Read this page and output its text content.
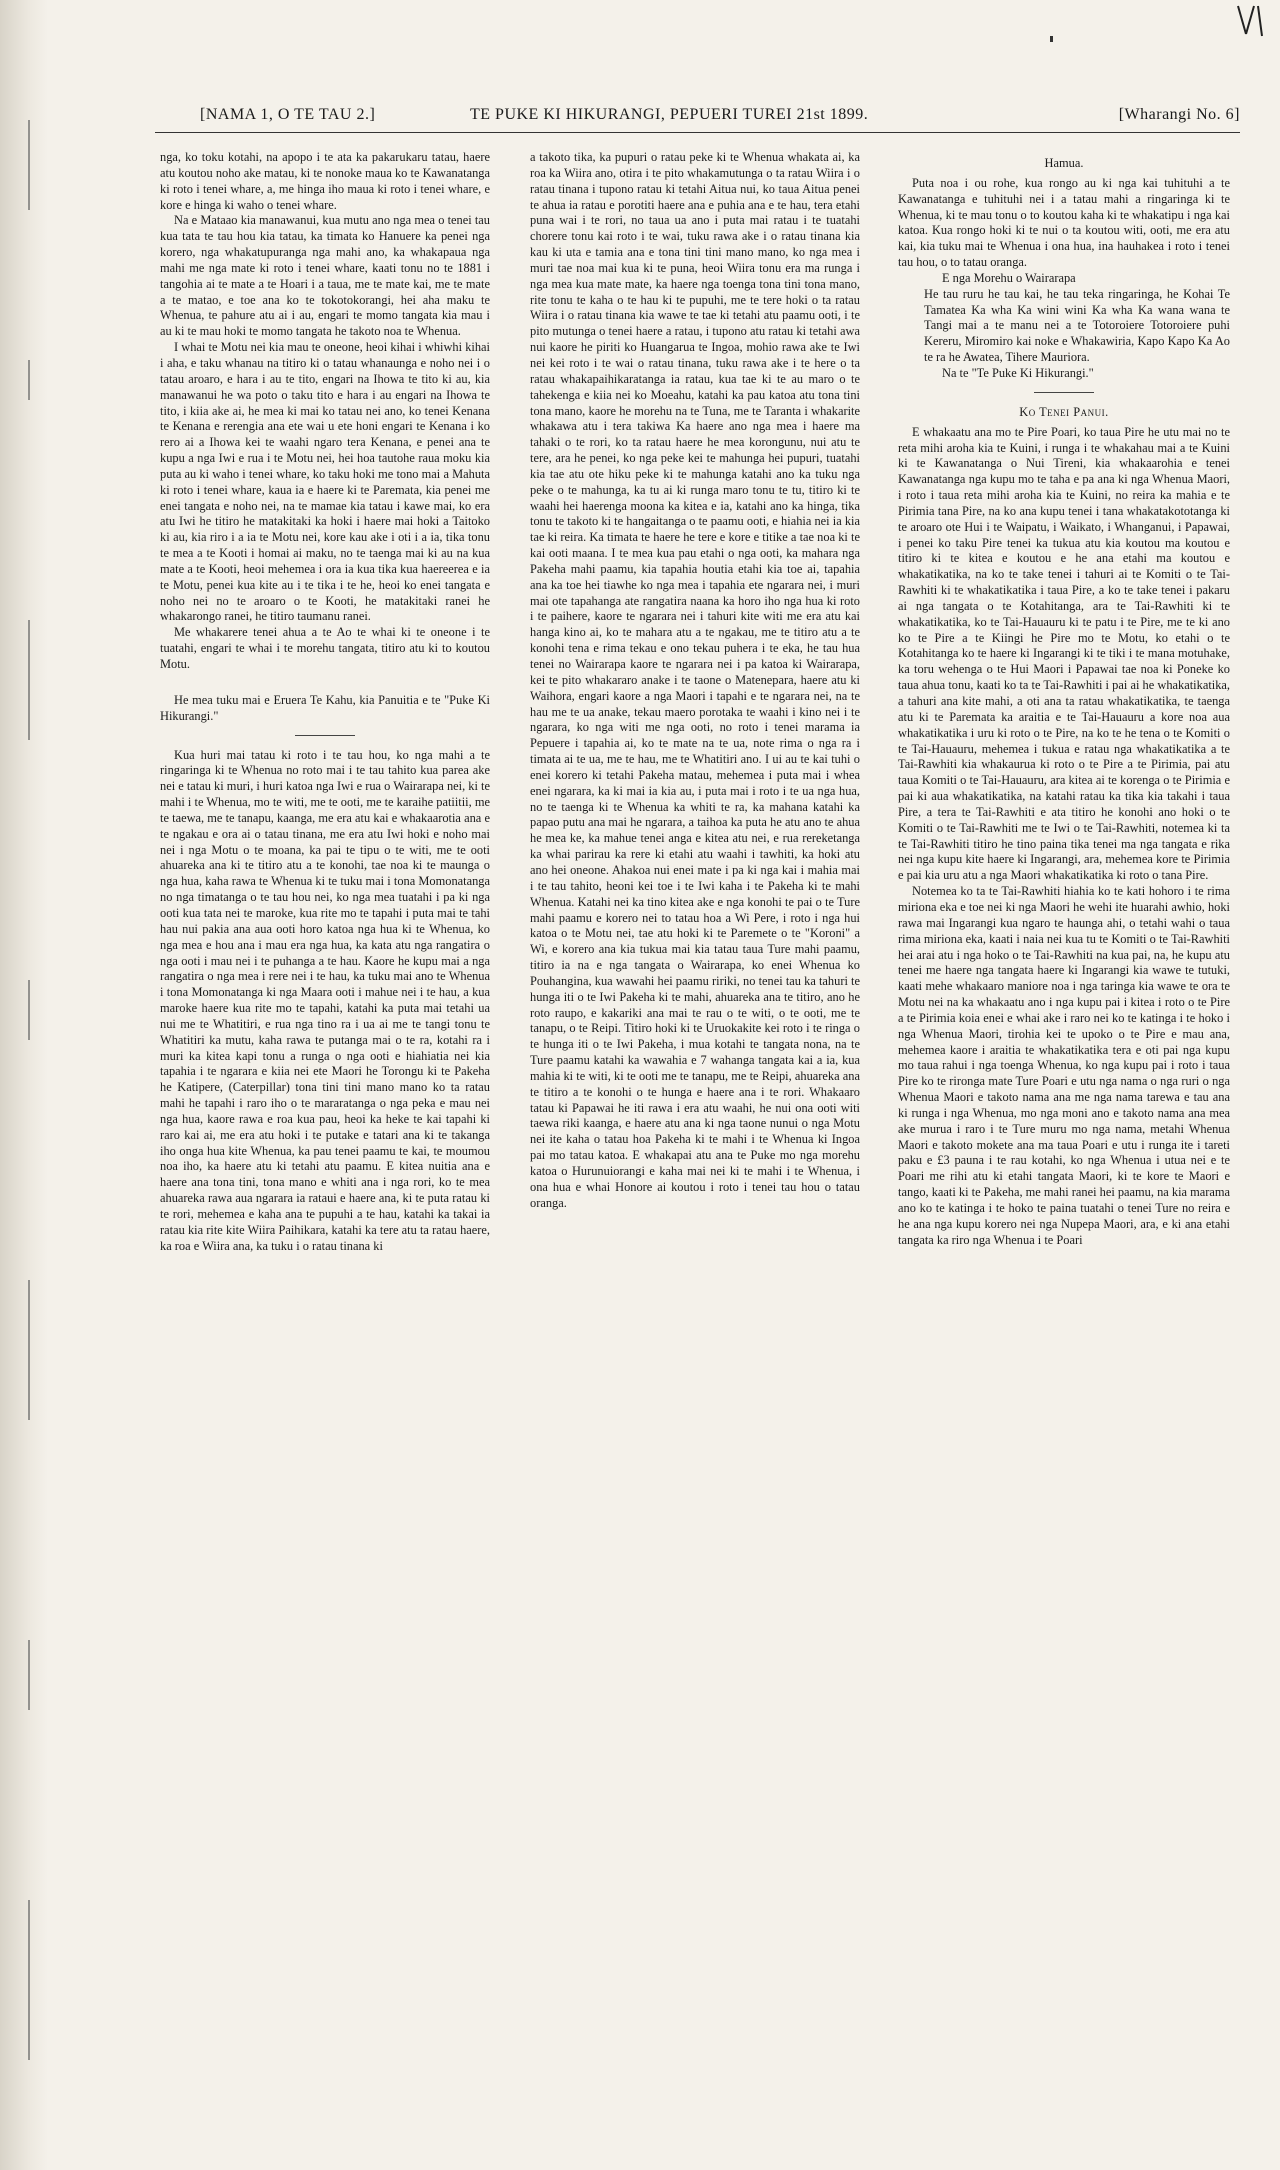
[NAMA 1, O TE TAU 2.]	TE PUKE KI HIKURANGI, PEPUERI TUREI 21st 1899.	[Wharangi No. 6]

nga, ko toku kotahi, na apopo i te ata ka pakarukaru tatau, haere atu koutou noho ake matau, ki te nonoke maua ko te Kawanatanga ki roto i tenei whare, a, me hinga iho maua ki roto i tenei whare, e kore e hinga ki waho o tenei whare.

Na e Mataao kia manawanui, kua mutu ano nga mea o tenei tau kua tata te tau hou kia tatau, ka timata ko Hanuere ka penei nga korero, nga whakatupuranga nga mahi ano, ka whakapaua nga mahi me nga mate ki roto i tenei whare, kaati tonu no te 1881 i tangohia ai te mate a te Hoari i a taua, me te mate kai, me te mate a te matao, e toe ana ko te tokotokorangi, hei aha maku te Whenua, te pahure atu ai i au, engari te momo tangata kia mau i au ki te mau hoki te momo tangata he takoto noa te Whenua.

I whai te Motu nei kia mau te oneone, heoi kihai i whiwhi kihai i aha, e taku whanau na titiro ki o tatau whanaunga e noho nei i o tatau aroaro, e hara i au te tito, engari na Ihowa te tito ki au, kia manawanui he wa poto o taku tito e hara i au engari na Ihowa te tito, i kiia ake ai, he mea ki mai ko tatau nei ano, ko tenei Kenana te Kenana e rerengia ana ete wai u ete honi engari te Kenana i ko rero ai a Ihowa kei te waahi ngaro tera Kenana, e penei ana te kupu a nga Iwi e rua i te Motu nei, hei hoa tautohe raua moku kia puta au ki waho i tenei whare, ko taku hoki me tono mai a Mahuta ki roto i tenei whare, kaua ia e haere ki te Paremata, kia penei me enei tangata e noho nei, na te mamae kia tatau i kawe mai, ko era atu Iwi he titiro he matakitaki ka hoki i haere mai hoki a Taitoko ki au, kia riro i a ia te Motu nei, kore kau ake i oti i a ia, tika tonu te mea a te Kooti i homai ai maku, no te taenga mai ki au na kua mate a te Kooti, heoi mehemea i ora ia kua tika kua haereerea e ia te Motu, penei kua kite au i te tika i te he, heoi ko enei tangata e noho nei no te aroaro o te Kooti, he matakitaki ranei he whakarongo ranei, he titiro taumanu ranei.

Me whakarere tenei ahua a te Ao te whai ki te oneone i te tuatahi, engari te whai i te morehu tangata, titiro atu ki to koutou Motu.

He mea tuku mai e Eruera Te Kahu, kia Panuitia e te "Puke Ki Hikurangi."

Kua huri mai tatau ki roto i te tau hou, ko nga mahi a te ringaringa ki te Whenua no roto mai i te tau tahito kua parea ake nei e tatau ki muri, i huri katoa nga Iwi e rua o Wairarapa nei, ki te mahi i te Whenua, mo te witi, me te ooti, me te karaihe patiitii, me te taewa, me te tanapu, kaanga, me era atu kai e whakaarotia ana e te ngakau e ora ai o tatau tinana, me era atu Iwi hoki e noho mai nei i nga Motu o te moana, ka pai te tipu o te witi, me te ooti ahuareka ana ki te titiro atu a te konohi, tae noa ki te maunga o nga hua, kaha rawa te Whenua ki te tuku mai i tona Momonatanga no nga timatanga o te tau hou nei, ko nga mea tuatahi i pa ki nga ooti kua tata nei te maroke, kua rite mo te tapahi i puta mai te tahi hau nui pakia ana aua ooti horo katoa nga hua ki te Whenua, ko nga mea e hou ana i mau era nga hua, ka kata atu nga rangatira o nga ooti i mau nei i te puhanga a te hau. Kaore he kupu mai a nga rangatira o nga mea i rere nei i te hau, ka tuku mai ano te Whenua i tona Momonatanga ki nga Maara ooti i mahue nei i te hau, a kua maroke haere kua rite mo te tapahi, katahi ka puta mai tetahi ua nui me te Whatitiri, e rua nga tino ra i ua ai me te tangi tonu te Whatitiri ka mutu, kaha rawa te putanga mai o te ra, kotahi ra i muri ka kitea kapi tonu a runga o nga ooti e hiahiatia nei kia tapahia i te ngarara e kiia nei ete Maori he Torongu ki te Pakeha he Katipere, (Caterpillar) tona tini tini mano mano ko ta ratau mahi he tapahi i raro iho o te mararatanga o nga peka e mau nei nga hua, kaore rawa e roa kua pau, heoi ka heke te kai tapahi ki raro kai ai, me era atu hoki i te putake e tatari ana ki te takanga iho onga hua kite Whenua, ka pau tenei paamu te kai, te moumou noa iho, ka haere atu ki tetahi atu paamu. E kitea nuitia ana e haere ana tona tini, tona mano e whiti ana i nga rori, ko te mea ahuareka rawa aua ngarara ia rataui e haere ana, ki te puta ratau ki te rori, mehemea e kaha ana te pupuhi a te hau, katahi ka takai ia ratau kia rite kite Wiira Paihikara, katahi ka tere atu ta ratau haere, ka roa e Wiira ana, ka tuku i o ratau tinana ki

a takoto tika, ka pupuri o ratau peke ki te Whenua whakata ai, ka roa ka Wiira ano, otira i te pito whakamutunga o ta ratau Wiira i o ratau tinana i tupono ratau ki tetahi Aitua nui, ko taua Aitua penei te ahua ia ratau e porotiti haere ana e puhia ana e te hau, tera etahi puna wai i te rori, no taua ua ano i puta mai ratau i te tuatahi chorere tonu kai roto i te wai, tuku rawa ake i o ratau tinana kia kau ki uta e tamia ana e tona tini tini mano mano, ko nga mea i muri tae noa mai kua ki te puna, heoi Wiira tonu era ma runga i nga mea kua mate mate, ka haere nga toenga tona tini tona mano, rite tonu te kaha o te hau ki te pupuhi, me te tere hoki o ta ratau Wiira i o ratau tinana kia wawe te tae ki tetahi atu paamu ooti, i te pito mutunga o tenei haere a ratau, i tupono atu ratau ki tetahi awa nui kaore he piriti ko Huangarua te Ingoa, mohio rawa ake te Iwi nei kei roto i te wai o ratau tinana, tuku rawa ake i te here o ta ratau whakapaihikaratanga ia ratau, kua tae ki te au maro o te tahekenga e kiia nei ko Moeahu, katahi ka pau katoa atu tona tini tona mano, kaore he morehu na te Tuna, me te Taranta i whakarite whakawa atu i tera takiwa Ka haere ano nga mea i haere ma tahaki o te rori, ko ta ratau haere he mea korongunu, nui atu te tere, ara he penei, ko nga peke kei te mahunga hei pupuri, tuatahi kia tae atu ote hiku peke ki te mahunga katahi ano ka tuku nga peke o te mahunga, ka tu ai ki runga maro tonu te tu, titiro ki te waahi hei haerenga moona ka kitea e ia, katahi ano ka hinga, tika tonu te takoto ki te hangaitanga o te paamu ooti, e hiahia nei ia kia tae ki reira. Ka timata te haere he tere e kore e titike a tae noa ki te kai ooti maana. I te mea kua pau etahi o nga ooti, ka mahara nga Pakeha mahi paamu, kia tapahia houtia etahi kia toe ai, tapahia ana ka toe hei tiawhe ko nga mea i tapahia ete ngarara nei, i muri mai ote tapahanga ate rangatira naana ka horo iho nga hua ki roto i te paihere, kaore te ngarara nei i tahuri kite witi me era atu kai hanga kino ai, ko te mahara atu a te ngakau, me te titiro atu a te konohi tena e rima tekau e ono tekau puhera i te eka, he tau hua tenei no Wairarapa kaore te ngarara nei i pa katoa ki Wairarapa, kei te pito whakararo anake i te taone o Matenepara, haere atu ki Waihora, engari kaore a nga Maori i tapahi e te ngarara nei, na te hau me te ua anake, tekau maero porotaka te waahi i kino nei i te ngarara, ko nga witi me nga ooti, no roto i tenei marama ia Pepuere i tapahia ai, ko te mate na te ua, note rima o nga ra i timata ai te ua, me te hau, me te Whatitiri ano. I ui au te kai tuhi o enei korero ki tetahi Pakeha matau, mehemea i puta mai i whea enei ngarara, ka ki mai ia kia au, i puta mai i roto i te ua nga hua, no te taenga ki te Whenua ka whiti te ra, ka mahana katahi ka papao putu ana mai he ngarara, a taihoa ka puta he atu ano te ahua he mea ke, ka mahue tenei anga e kitea atu nei, e rua rereketanga ka whai parirau ka rere ki etahi atu waahi i tawhiti, ka hoki atu ano hei oneone. Ahakoa nui enei mate i pa ki nga kai i mahia mai i te tau tahito, heoni kei toe i te Iwi kaha i te Pakeha ki te mahi Whenua. Katahi nei ka tino kitea ake e nga konohi te pai o te Ture mahi paamu e korero nei to tatau hoa a Wi Pere, i roto i nga hui katoa o te Motu nei, tae atu hoki ki te Paremete o te "Koroni" a Wi, e korero ana kia tukua mai kia tatau taua Ture mahi paamu, titiro ia na e nga tangata o Wairarapa, ko enei Whenua ko Pouhangina, kua wawahi hei paamu ririki, no tenei tau ka tahuri te hunga iti o te Iwi Pakeha ki te mahi, ahuareka ana te titiro, ano he roto raupo, e kakariki ana mai te rau o te witi, o te ooti, me te tanapu, o te Reipi. Titiro hoki ki te Uruokakite kei roto i te ringa o te hunga iti o te Iwi Pakeha, i mua kotahi te tangata nona, na te Ture paamu katahi ka wawahia e 7 wahanga tangata kai a ia, kua mahia ki te witi, ki te ooti me te tanapu, me te Reipi, ahuareka ana te titiro a te konohi o te hunga e haere ana i te rori. Whakaaro tatau ki Papawai he iti rawa i era atu waahi, he nui ona ooti witi taewa riki kaanga, e haere atu ana ki nga taone nunui o nga Motu nei ite kaha o tatau hoa Pakeha ki te mahi i te Whenua ki Ingoa pai mo tatau katoa. E whakapai atu ana te Puke mo nga morehu katoa o Hurunuiorangi e kaha mai nei ki te mahi i te Whenua, i ona hua e whai Honore ai koutou i roto i tenei tau hou o tatau oranga.

Hamua.

Puta noa i ou rohe, kua rongo au ki nga kai tuhituhi a te Kawanatanga e tuhituhi nei i a tatau mahi a ringaringa ki te Whenua, ki te mau tonu o to koutou kaha ki te whakatipu i nga kai katoa. Kua rongo hoki ki te nui o ta koutou witi, ooti, me era atu kai, kia tuku mai te Whenua i ona hua, ina hauhakea i roto i tenei tau hou, o to tatau oranga.

E nga Morehu o Wairarapa

He tau ruru he tau kai, he tau teka ringaringa, he Kohai Te Tamatea Ka wha Ka wini wini Ka wha Ka wana wana te Tangi mai a te manu nei a te Totoroiere Totoroiere puhi Kereru, Miromiro kai noke e Whakawiria, Kapo Kapo Ka Ao te ra he Awatea, Tihere Mauriora.

Na te "Te Puke Ki Hikurangi."

Ko Tenei Panui.

E whakaatu ana mo te Pire Poari, ko taua Pire he utu mai no te reta mihi aroha kia te Kuini, i runga i te whakahau mai a te Kuini ki te Kawanatanga o Nui Tireni, kia whakaarohia e tenei Kawanatanga nga kupu mo te taha e pa ana ki nga Whenua Maori, i roto i taua reta mihi aroha kia te Kuini, no reira ka mahia e te Pirimia tana Pire, na ko ana kupu tenei i tana whakatakototanga ki te aroaro ote Hui i te Waipatu, i Waikato, i Whanganui, i Papawai, i penei ko taku Pire tenei ka tukua atu kia koutou ma koutou e titiro ki te kitea e koutou e he ana etahi ma koutou e whakatikatika, na ko te take tenei i tahuri ai te Komiti o te Tai-Rawhiti ki te whakatikatika i taua Pire, a ko te take tenei i pakaru ai nga tangata o te Kotahitanga, ara te Tai-Rawhiti ki te whakatikatika, ko te Tai-Hauauru ki te patu i te Pire, me te ki ano ko te Pire a te Kiingi he Pire mo te Motu, ko etahi o te Kotahitanga ko te haere ki Ingarangi ki te tiki i te mana motuhake, ka toru wehenga o te Hui Maori i Papawai tae noa ki Poneke ko taua ahua tonu, kaati ko ta te Tai-Rawhiti i pai ai he whakatikatika, a tahuri ana kite mahi, a oti ana ta ratau whakatikatika, te taenga atu ki te Paremata ka araitia e te Tai-Hauauru a kore noa aua whakatikatika i uru ki roto o te Pire, na ko te he tena o te Komiti o te Tai-Hauauru, mehemea i tukua e ratau nga whakatikatika a te Tai-Rawhiti kia whakaurua ki roto o te Pire a te Pirimia, pai atu taua Komiti o te Tai-Hauauru, ara kitea ai te korenga o te Pirimia e pai ki aua whakatikatika, na katahi ratau ka tika kia takahi i taua Pire, a tera te Tai-Rawhiti e ata titiro he konohi ano hoki o te Komiti o te Tai-Rawhiti me te Iwi o te Tai-Rawhiti, notemea ki ta te Tai-Rawhiti titiro he tino paina tika tenei ma nga tangata e rika nei nga kupu kite haere ki Ingarangi, ara, mehemea kore te Pirimia e pai kia uru atu a nga Maori whakatikatika ki roto o tana Pire.

Notemea ko ta te Tai-Rawhiti hiahia ko te kati hohoro i te rima miriona eka e toe nei ki nga Maori he wehi ite huarahi awhio, hoki rawa mai Ingarangi kua ngaro te haunga ahi, o tetahi wahi o taua rima miriona eka, kaati i naia nei kua tu te Komiti o te Tai-Rawhiti hei arai atu i nga hoko o te Tai-Rawhiti na kua pai, na, he kupu atu tenei me haere nga tangata haere ki Ingarangi kia wawe te tutuki, kaati mehe whakaaro maniore noa i nga taringa kia wawe te ora te Motu nei na ka whakaatu ano i nga kupu pai i kitea i roto o te Pire a te Pirimia koia enei e whai ake i raro nei ko te katinga i te hoko i nga Whenua Maori, tirohia kei te upoko o te Pire e mau ana, mehemea kaore i araitia te whakatikatika tera e oti pai nga kupu mo taua rahui i nga toenga Whenua, ko nga kupu pai i roto i taua Pire ko te rironga mate Ture Poari e utu nga nama o nga ruri o nga Whenua Maori e takoto nama ana me nga nama tarewa e tau ana ki runga i nga Whenua, mo nga moni ano e takoto nama ana mea ake murua i raro i te Ture muru mo nga nama, metahi Whenua Maori e takoto mokete ana ma taua Poari e utu i runga ite i tareti paku e £3 pauna i te rau kotahi, ko nga Whenua i utua nei e te Poari me rihi atu ki etahi tangata Maori, ki te kore te Maori e tango, kaati ki te Pakeha, me mahi ranei hei paamu, na kia marama ano ko te katinga i te hoko te paina tuatahi o tenei Ture no reira e he ana nga kupu korero nei nga Nupepa Maori, ara, e ki ana etahi tangata ka riro nga Whenua i te Poari
